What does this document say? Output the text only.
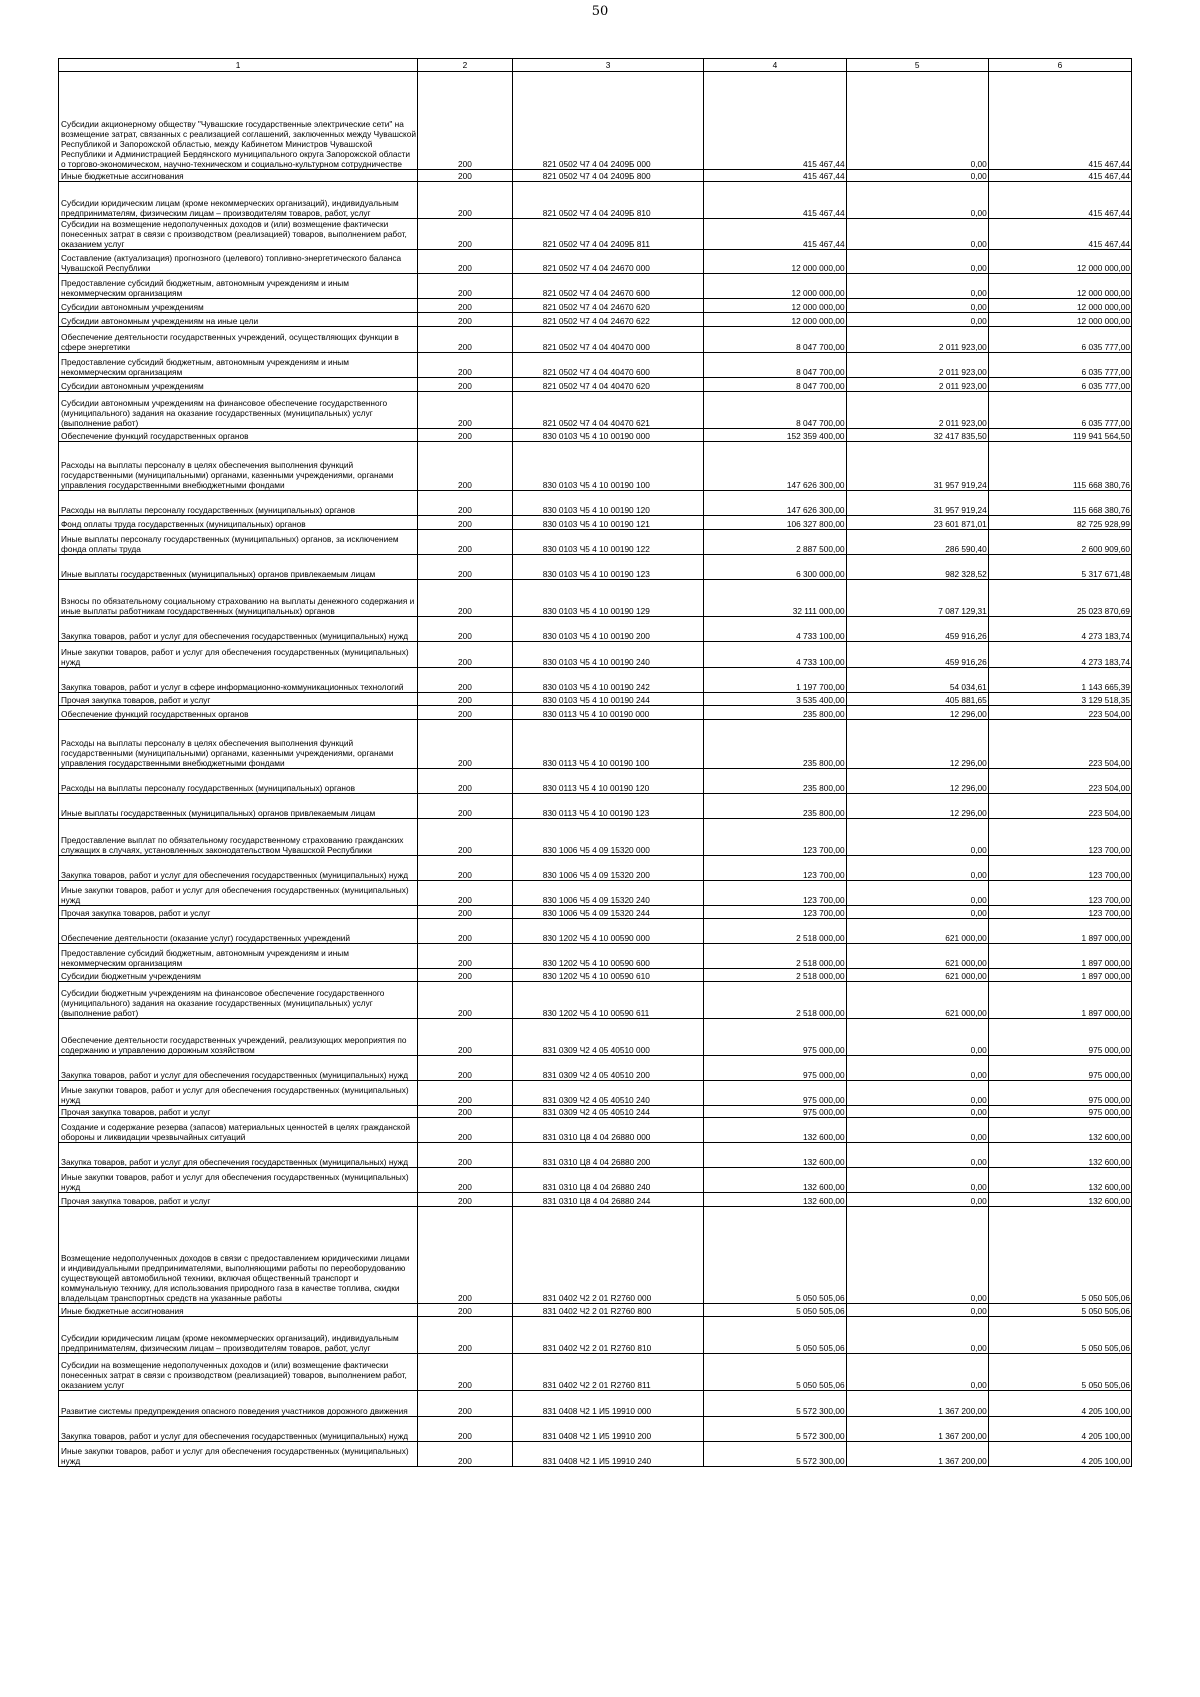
50
1	2	3	4	5	6
Субсидии акционерному обществу "Чувашские государственные электрические сети" на возмещение затрат, связанных с реализацией соглашений, заключенных между Чувашской Республикой и Запорожской областью, между Кабинетом Министров Чувашской Республики и Администрацией Бердянского муниципального округа Запорожской области о торгово-экономическом, научно-техническом и социально-культурном сотрудничестве	200	821 0502 Ч7 4 04 2409Б 000	415 467,44	0,00	415 467,44
Иные бюджетные ассигнования	200	821 0502 Ч7 4 04 2409Б 800	415 467,44	0,00	415 467,44
Субсидии юридическим лицам (кроме некоммерческих организаций), индивидуальным предпринимателям, физическим лицам – производителям товаров, работ, услуг	200	821 0502 Ч7 4 04 2409Б 810	415 467,44	0,00	415 467,44
Субсидии на возмещение недополученных доходов и (или) возмещение фактически понесенных затрат в связи с производством (реализацией) товаров, выполнением работ, оказанием услуг	200	821 0502 Ч7 4 04 2409Б 811	415 467,44	0,00	415 467,44
Составление (актуализация) прогнозного (целевого) топливно-энергетического баланса Чувашской Республики	200	821 0502 Ч7 4 04 24670 000	12 000 000,00	0,00	12 000 000,00
Предоставление субсидий бюджетным, автономным учреждениям и иным некоммерческим организациям	200	821 0502 Ч7 4 04 24670 600	12 000 000,00	0,00	12 000 000,00
Субсидии автономным учреждениям	200	821 0502 Ч7 4 04 24670 620	12 000 000,00	0,00	12 000 000,00
Субсидии автономным учреждениям на иные цели	200	821 0502 Ч7 4 04 24670 622	12 000 000,00	0,00	12 000 000,00
Обеспечение деятельности государственных учреждений, осуществляющих функции в сфере энергетики	200	821 0502 Ч7 4 04 40470 000	8 047 700,00	2 011 923,00	6 035 777,00
Предоставление субсидий бюджетным, автономным учреждениям и иным некоммерческим организациям	200	821 0502 Ч7 4 04 40470 600	8 047 700,00	2 011 923,00	6 035 777,00
Субсидии автономным учреждениям	200	821 0502 Ч7 4 04 40470 620	8 047 700,00	2 011 923,00	6 035 777,00
Субсидии автономным учреждениям на финансовое обеспечение государственного (муниципального) задания на оказание государственных (муниципальных) услуг (выполнение работ)	200	821 0502 Ч7 4 04 40470 621	8 047 700,00	2 011 923,00	6 035 777,00
Обеспечение функций государственных органов	200	830 0103 Ч5 4 10 00190 000	152 359 400,00	32 417 835,50	119 941 564,50
Расходы на выплаты персоналу в целях обеспечения выполнения функций государственными (муниципальными) органами, казенными учреждениями, органами управления государственными внебюджетными фондами	200	830 0103 Ч5 4 10 00190 100	147 626 300,00	31 957 919,24	115 668 380,76
Расходы на выплаты персоналу государственных (муниципальных) органов	200	830 0103 Ч5 4 10 00190 120	147 626 300,00	31 957 919,24	115 668 380,76
Фонд оплаты труда государственных (муниципальных) органов	200	830 0103 Ч5 4 10 00190 121	106 327 800,00	23 601 871,01	82 725 928,99
Иные выплаты персоналу государственных (муниципальных) органов, за исключением фонда оплаты труда	200	830 0103 Ч5 4 10 00190 122	2 887 500,00	286 590,40	2 600 909,60
Иные выплаты государственных (муниципальных) органов привлекаемым лицам	200	830 0103 Ч5 4 10 00190 123	6 300 000,00	982 328,52	5 317 671,48
Взносы по обязательному социальному страхованию на выплаты денежного содержания и иные выплаты работникам государственных (муниципальных) органов	200	830 0103 Ч5 4 10 00190 129	32 111 000,00	7 087 129,31	25 023 870,69
Закупка товаров, работ и услуг для обеспечения государственных (муниципальных) нужд	200	830 0103 Ч5 4 10 00190 200	4 733 100,00	459 916,26	4 273 183,74
Иные закупки товаров, работ и услуг для обеспечения государственных (муниципальных) нужд	200	830 0103 Ч5 4 10 00190 240	4 733 100,00	459 916,26	4 273 183,74
Закупка товаров, работ и услуг в сфере информационно-коммуникационных технологий	200	830 0103 Ч5 4 10 00190 242	1 197 700,00	54 034,61	1 143 665,39
Прочая закупка товаров, работ и услуг	200	830 0103 Ч5 4 10 00190 244	3 535 400,00	405 881,65	3 129 518,35
Обеспечение функций государственных органов	200	830 0113 Ч5 4 10 00190 000	235 800,00	12 296,00	223 504,00
Расходы на выплаты персоналу в целях обеспечения выполнения функций государственными (муниципальными) органами, казенными учреждениями, органами управления государственными внебюджетными фондами	200	830 0113 Ч5 4 10 00190 100	235 800,00	12 296,00	223 504,00
Расходы на выплаты персоналу государственных (муниципальных) органов	200	830 0113 Ч5 4 10 00190 120	235 800,00	12 296,00	223 504,00
Иные выплаты государственных (муниципальных) органов привлекаемым лицам	200	830 0113 Ч5 4 10 00190 123	235 800,00	12 296,00	223 504,00
Предоставление выплат по обязательному государственному страхованию гражданских служащих в случаях, установленных законодательством Чувашской Республики	200	830 1006 Ч5 4 09 15320 000	123 700,00	0,00	123 700,00
Закупка товаров, работ и услуг для обеспечения государственных (муниципальных) нужд	200	830 1006 Ч5 4 09 15320 200	123 700,00	0,00	123 700,00
Иные закупки товаров, работ и услуг для обеспечения государственных (муниципальных) нужд	200	830 1006 Ч5 4 09 15320 240	123 700,00	0,00	123 700,00
Прочая закупка товаров, работ и услуг	200	830 1006 Ч5 4 09 15320 244	123 700,00	0,00	123 700,00
Обеспечение деятельности (оказание услуг) государственных учреждений	200	830 1202 Ч5 4 10 00590 000	2 518 000,00	621 000,00	1 897 000,00
Предоставление субсидий бюджетным, автономным учреждениям и иным некоммерческим организациям	200	830 1202 Ч5 4 10 00590 600	2 518 000,00	621 000,00	1 897 000,00
Субсидии бюджетным учреждениям	200	830 1202 Ч5 4 10 00590 610	2 518 000,00	621 000,00	1 897 000,00
Субсидии бюджетным учреждениям на финансовое обеспечение государственного (муниципального) задания на оказание государственных (муниципальных) услуг (выполнение работ)	200	830 1202 Ч5 4 10 00590 611	2 518 000,00	621 000,00	1 897 000,00
Обеспечение деятельности государственных учреждений, реализующих мероприятия по содержанию и управлению дорожным хозяйством	200	831 0309 Ч2 4 05 40510 000	975 000,00	0,00	975 000,00
Закупка товаров, работ и услуг для обеспечения государственных (муниципальных) нужд	200	831 0309 Ч2 4 05 40510 200	975 000,00	0,00	975 000,00
Иные закупки товаров, работ и услуг для обеспечения государственных (муниципальных) нужд	200	831 0309 Ч2 4 05 40510 240	975 000,00	0,00	975 000,00
Прочая закупка товаров, работ и услуг	200	831 0309 Ч2 4 05 40510 244	975 000,00	0,00	975 000,00
Создание и содержание резерва (запасов) материальных ценностей в целях гражданской обороны и ликвидации чрезвычайных ситуаций	200	831 0310 Ц8 4 04 26880 000	132 600,00	0,00	132 600,00
Закупка товаров, работ и услуг для обеспечения государственных (муниципальных) нужд	200	831 0310 Ц8 4 04 26880 200	132 600,00	0,00	132 600,00
Иные закупки товаров, работ и услуг для обеспечения государственных (муниципальных) нужд	200	831 0310 Ц8 4 04 26880 240	132 600,00	0,00	132 600,00
Прочая закупка товаров, работ и услуг	200	831 0310 Ц8 4 04 26880 244	132 600,00	0,00	132 600,00
Возмещение недополученных доходов в связи с предоставлением юридическими лицами и индивидуальными предпринимателями, выполняющими работы по переоборудованию существующей автомобильной техники, включая общественный транспорт и коммунальную технику, для использования природного газа в качестве топлива, скидки владельцам транспортных средств на указанные работы	200	831 0402 Ч2 2 01 R2760 000	5 050 505,06	0,00	5 050 505,06
Иные бюджетные ассигнования	200	831 0402 Ч2 2 01 R2760 800	5 050 505,06	0,00	5 050 505,06
Субсидии юридическим лицам (кроме некоммерческих организаций), индивидуальным предпринимателям, физическим лицам – производителям товаров, работ, услуг	200	831 0402 Ч2 2 01 R2760 810	5 050 505,06	0,00	5 050 505,06
Субсидии на возмещение недополученных доходов и (или) возмещение фактически понесенных затрат в связи с производством (реализацией) товаров, выполнением работ, оказанием услуг	200	831 0402 Ч2 2 01 R2760 811	5 050 505,06	0,00	5 050 505,06
Развитие системы предупреждения опасного поведения участников дорожного движения	200	831 0408 Ч2 1 И5 19910 000	5 572 300,00	1 367 200,00	4 205 100,00
Закупка товаров, работ и услуг для обеспечения государственных (муниципальных) нужд	200	831 0408 Ч2 1 И5 19910 200	5 572 300,00	1 367 200,00	4 205 100,00
Иные закупки товаров, работ и услуг для обеспечения государственных (муниципальных) нужд	200	831 0408 Ч2 1 И5 19910 240	5 572 300,00	1 367 200,00	4 205 100,00
